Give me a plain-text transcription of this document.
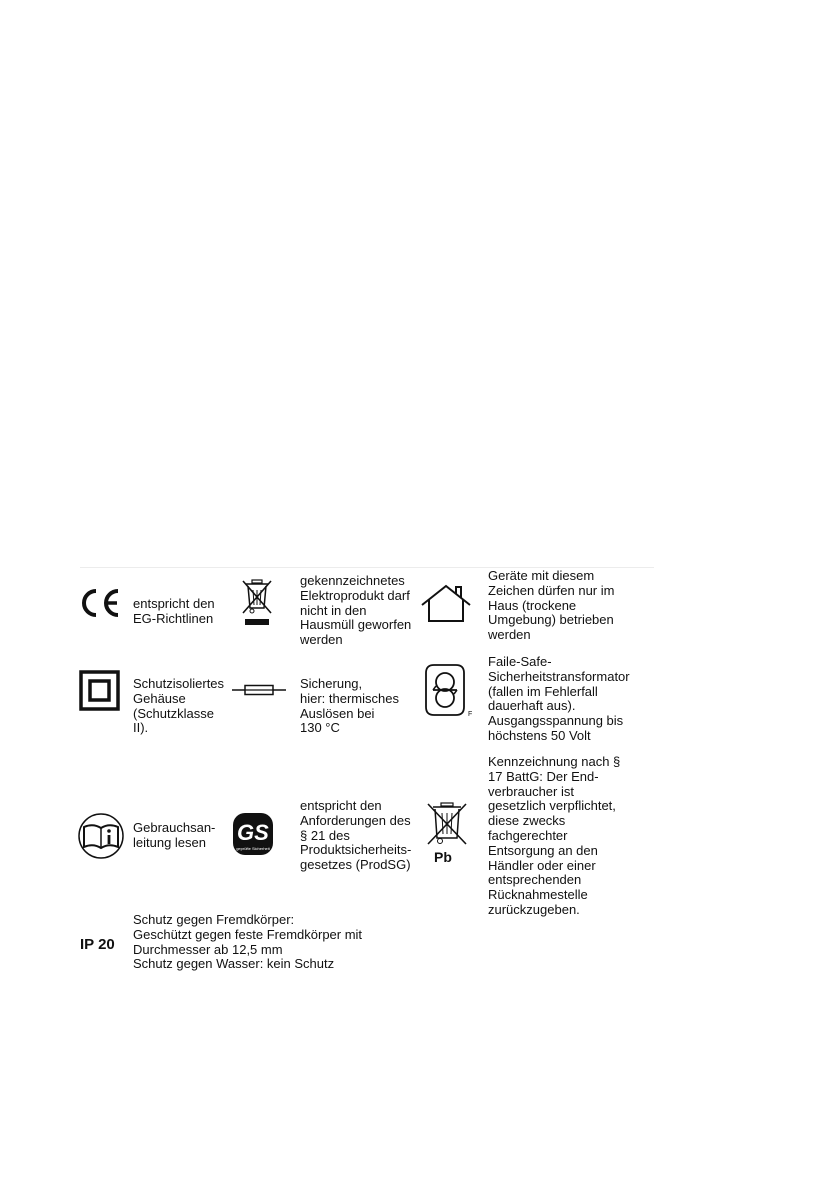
entspricht den
EG-Richtlinen

gekennzeichnetes
Elektroprodukt darf
nicht in den
Hausmüll geworfen
werden

Geräte mit diesem
Zeichen dürfen nur im
Haus (trockene
Umgebung) betrieben
werden

Schutzisoliertes
Gehäuse
(Schutzklasse
II).

Sicherung,
hier: thermisches
Auslösen bei
130 °C

F

Faile-Safe-
Sicherheitstransformator
(fallen im Fehlerfall
dauerhaft aus).
Ausgangsspannung bis
höchstens 50 Volt

Gebrauchsan-
leitung lesen	GS
geprüfte Sicherheit

entspricht den
Anforderungen des
§ 21 des
Produktsicherheits-
gesetzes (ProdSG) Pb

Kennzeichnung nach §
17 BattG: Der End-
verbraucher ist
gesetzlich verpflichtet,
diese zwecks
fachgerechter
Entsorgung an den
Händler oder einer
entsprechenden
Rücknahmestelle
zurückzugeben.

IP 20

Schutz gegen Fremdkörper:
Geschützt gegen feste Fremdkörper mit
Durchmesser ab 12,5 mm
Schutz gegen Wasser: kein Schutz
